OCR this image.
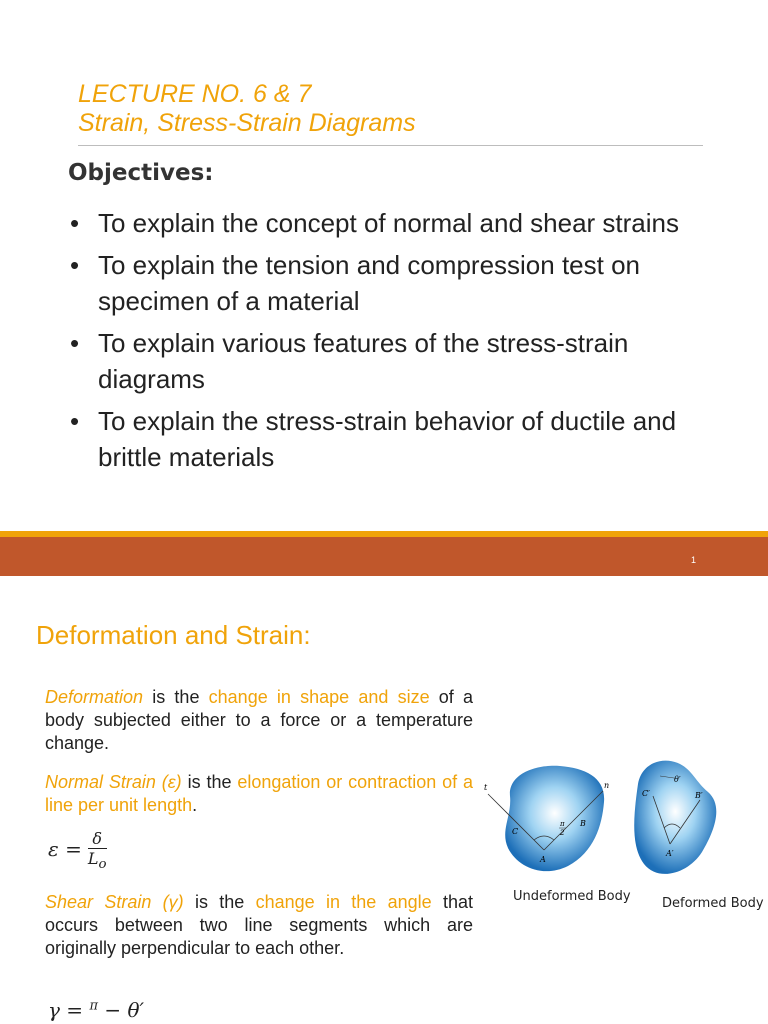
LECTURE NO. 6 & 7
Strain, Stress-Strain Diagrams
Objectives:
• To explain the concept of normal and shear strains
• To explain the tension and compression test on specimen of a material
• To explain various features of the stress-strain diagrams
• To explain the stress-strain behavior of ductile and brittle materials
1
Deformation and Strain:
Deformation is the change in shape and size of a body subjected either to a force or a temperature change.
Normal Strain (ε) is the elongation or contraction of a line per unit length.
$\varepsilon = \frac{\delta}{L_o}$
Shear Strain (γ) is the change in the angle that occurs between two line segments which are originally perpendicular to each other.
γ = $^\pi$ − θ′
t	n
C
B
A
π
2
θ′
C′	B′
A′
Undeformed Body Deformed Body
